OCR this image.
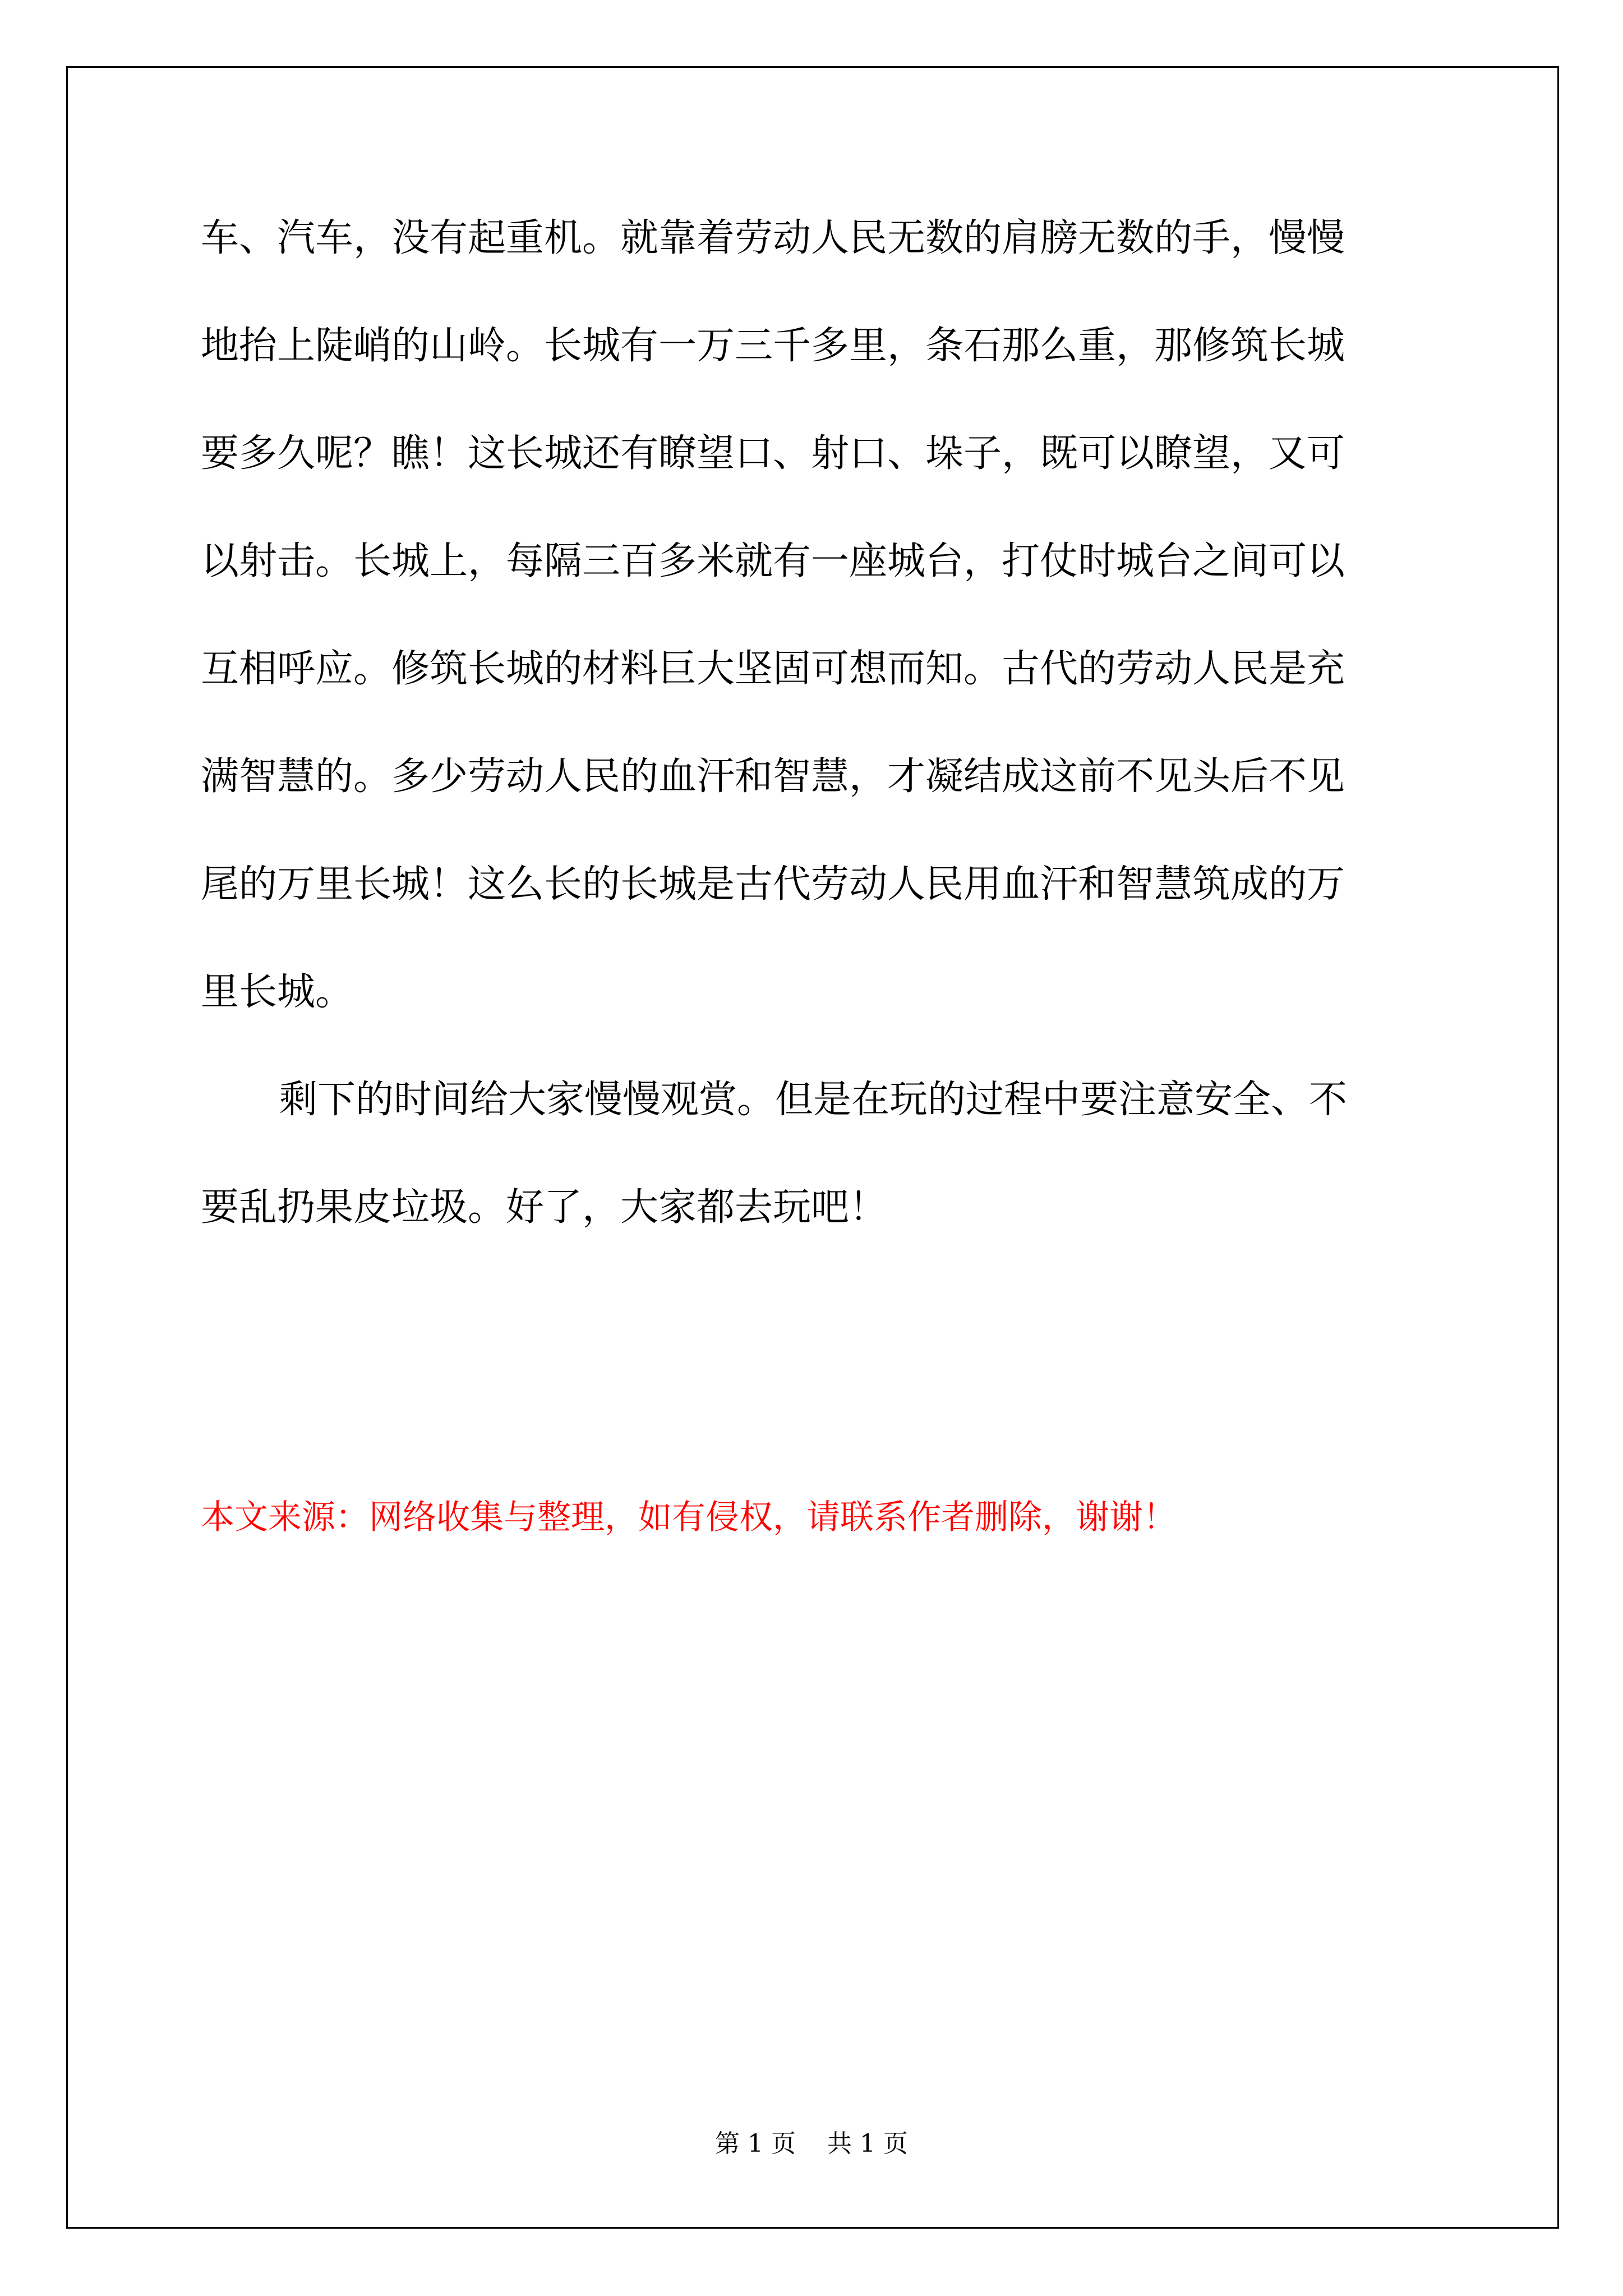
车、汽车，没有起重机。就靠着劳动人民无数的肩膀无数的手，慢慢
地抬上陡峭的山岭。长城有一万三千多里，条石那么重，那修筑长城
要多久呢？瞧！这长城还有瞭望口、射口、垛子，既可以瞭望，又可
以射击。长城上，每隔三百多米就有一座城台，打仗时城台之间可以
互相呼应。修筑长城的材料巨大坚固可想而知。古代的劳动人民是充
满智慧的。多少劳动人民的血汗和智慧，才凝结成这前不见头后不见
尾的万里长城！这么长的长城是古代劳动人民用血汗和智慧筑成的万
里长城。
剩下的时间给大家慢慢观赏。但是在玩的过程中要注意安全、不
要乱扔果皮垃圾。好了，大家都去玩吧！
本文来源：网络收集与整理，如有侵权，请联系作者删除，谢谢！
第 1 页    共 1 页
